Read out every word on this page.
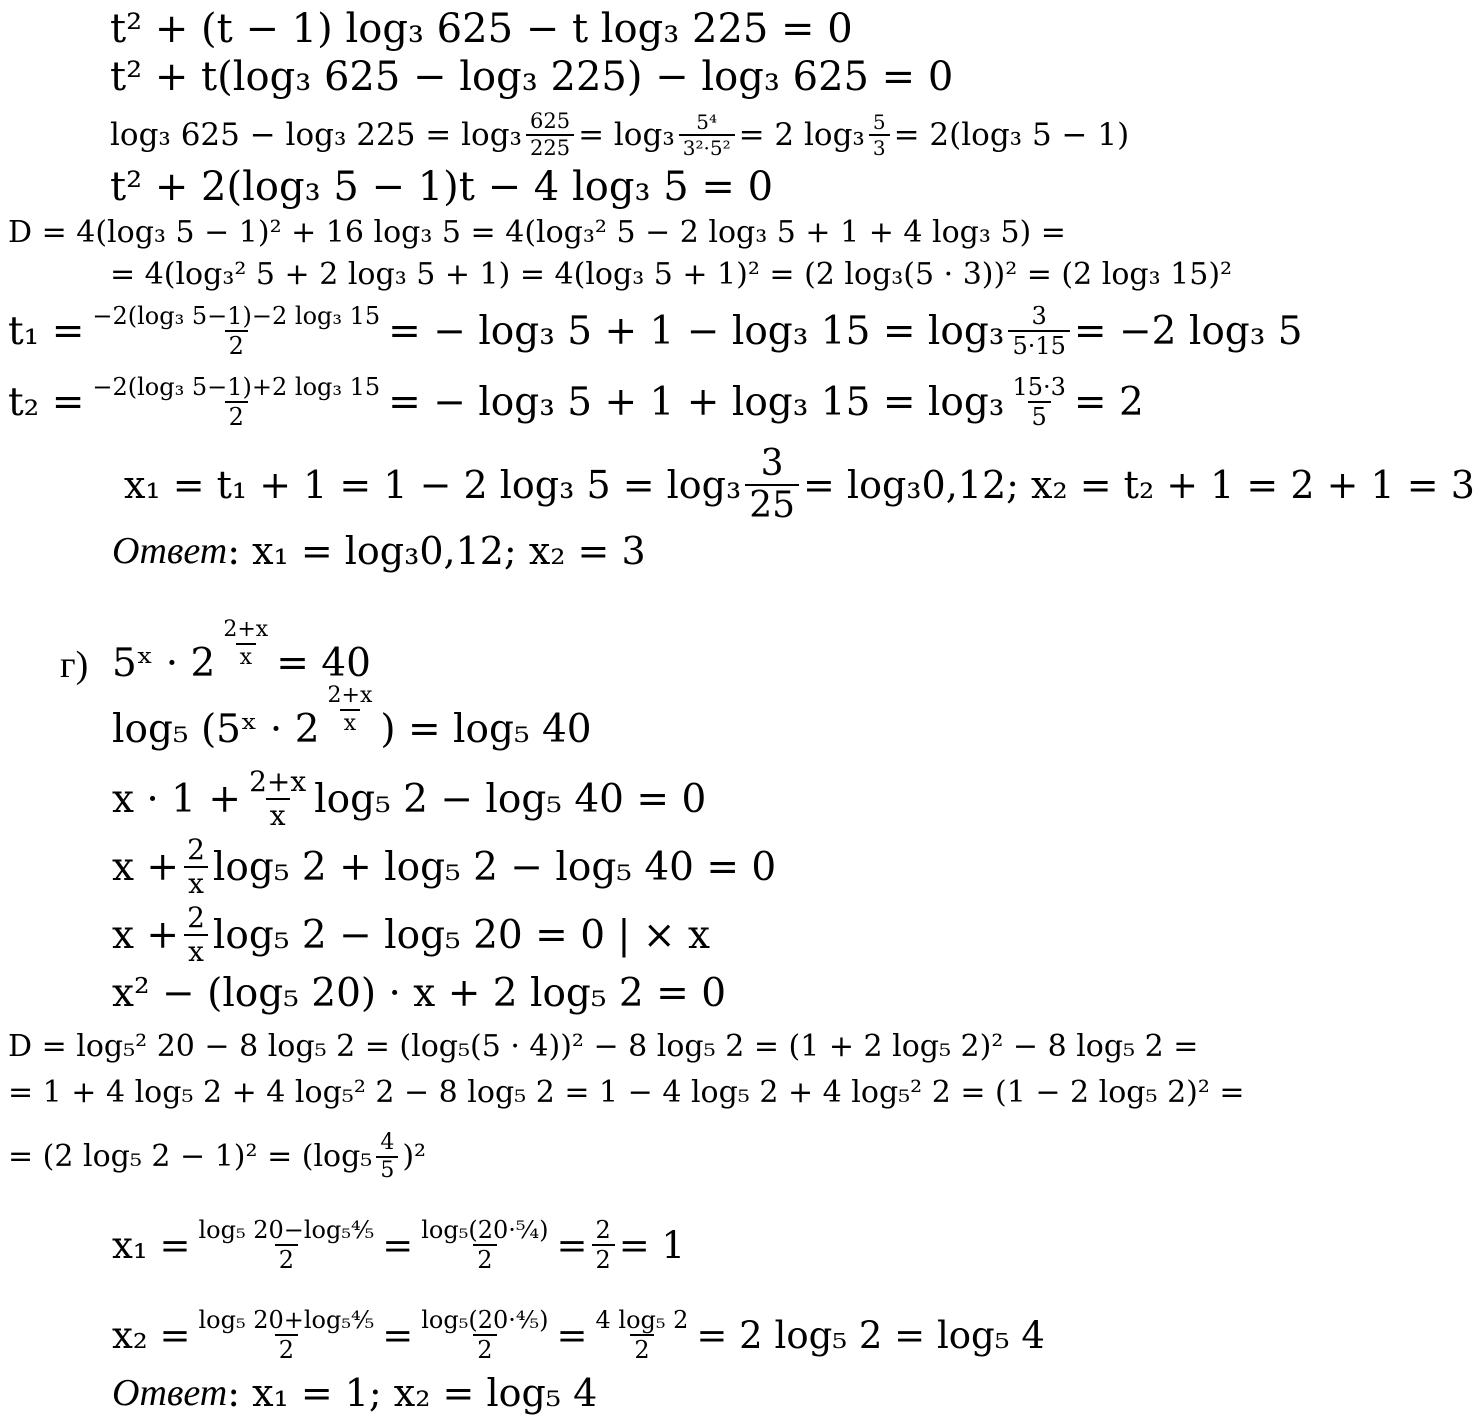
t² + (t − 1) log₃ 625 − t log₃ 225 = 0
t² + t(log₃ 625 − log₃ 225) − log₃ 625 = 0
log₃ 625 − log₃ $225 = \log_3 \frac{625}{225} = \log_3 \frac{\text{5⁴}}{\text{3²·5²}} = 2$ $\log_3 \frac{5}{3} = 2(\log_3$ 5 − 1)
t² + 2(log₃ 5 − 1)t − 4 log₃ 5 = 0
D = 4(log₃ 5 − 1)² + 16 log₃ 5 = 4(log₃² 5 − 2 log₃ 5 + 1 + 4 log₃ 5) =
= 4(log₃² 5 + 2 log₃ 5 + 1) = 4(log₃ 5 + 1)² = (2 log₃(5 · 3))² = (2 log₃ 15)²
$t_1 = \frac{\text{−2(log₃ 5−1)−2 log₃ 15}}{2}$ = − log₃ 5 + 1 − log₃ $15 = \log_3 \frac{3}{5\cdot 15} = -2$ log₃ 5
$t_2 = \frac{\text{−2(log₃ 5−1)+2 log₃ 15}}{2}$ = − log₃ 5 + 1 + log₃ $15 = \log_3 \frac{15\cdot 3}{5} = 2$
x₁ = t₁ + 1 = 1 − 2 log₃ $5 = \log_3 \frac{3}{25} = \log_30,12$; x₂ = t₂ + 1 = 2 + 1 = 3
Ответ : x₁ = log₃0,12; x₂ = 3
г) 5ˣ · $2 \frac{2+x}{x} = 40$
log₅ (5ˣ · $2 \frac{2+x}{x}$ ) = log₅ 40
$x \cdot 1 + \frac{2+x}{x} \log_5$ 2 − log₅ 40 = 0
$x + \frac{2}{x} \log_5$ 2 + log₅ 2 − log₅ 40 = 0
$x + \frac{2}{x} \log_5$ 2 − log₅ 20 = 0 | × x
x² − (log₅ 20) · x + 2 log₅ 2 = 0
D = log₅² 20 − 8 log₅ 2 = (log₅(5 · 4))² − 8 log₅ 2 = (1 + 2 log₅ 2)² − 8 log₅ 2 =
= 1 + 4 log₅ 2 + 4 log₅² 2 − 8 log₅ 2 = 1 − 4 log₅ 2 + 4 log₅² 2 = (1 − 2 log₅ 2)² =
= (2 log₅ $2 - 1)^2 = (\log_5 \frac{4}{5} )^2$
$x_1 = \frac{\text{log₅ 20−log₅⁴⁄₅}}{2} = \frac{\text{log₅(20·⁵⁄₄)}}{2} = \frac{2}{2} = 1$
$x_2 = \frac{\text{log₅ 20+log₅⁴⁄₅}}{2} = \frac{\text{log₅(20·⁴⁄₅)}}{2} = \frac{\text{4 log₅ 2}}{2} = 2$ log₅ 2 = log₅ 4
Ответ : x₁ = 1; x₂ = log₅ 4
